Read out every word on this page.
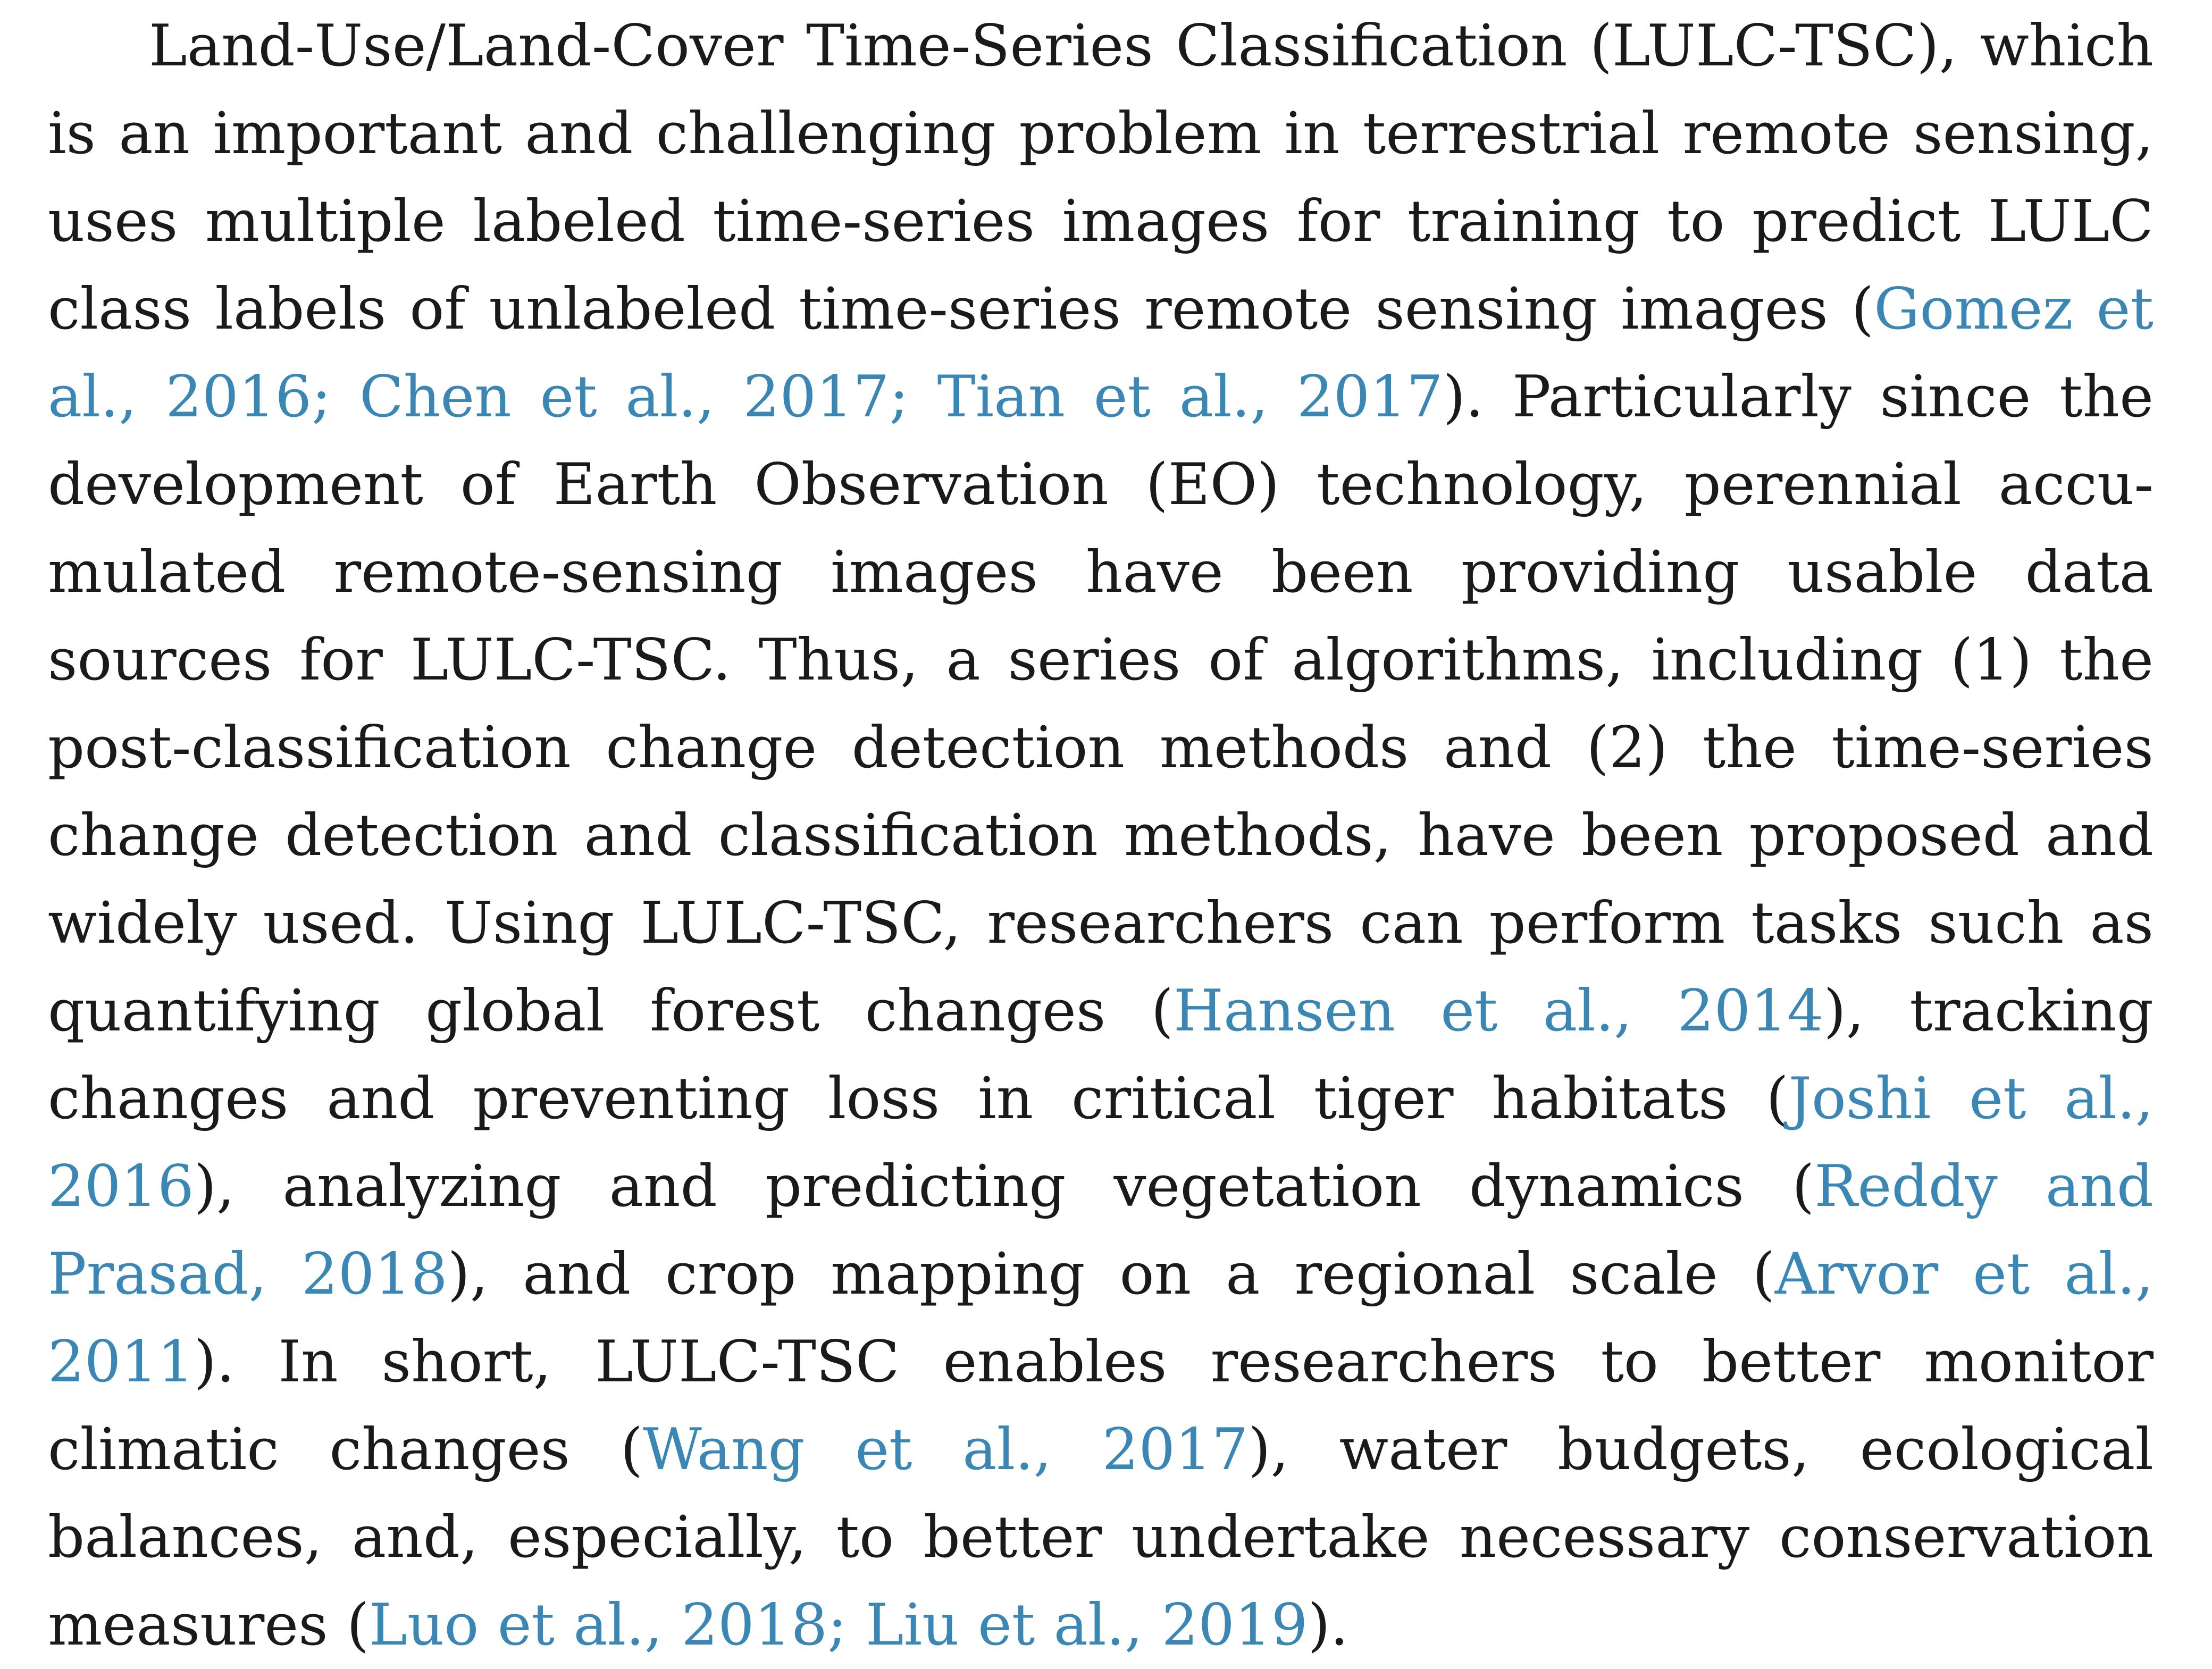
Land-Use/Land-Cover Time-Series Classification (LULC-TSC), which is an important and challenging problem in terrestrial remote sensing, uses multiple labeled time-series images for training to predict LULC class labels of unlabeled time-series remote sensing images (Gomez et al., 2016; Chen et al., 2017; Tian et al., 2017). Particularly since the development of Earth Observation (EO) technology, perennial accumulated remote-sensing images have been providing usable data sources for LULC-TSC. Thus, a series of algorithms, including (1) the post-classification change detection methods and (2) the time-series change detection and classification methods, have been proposed and widely used. Using LULC-TSC, researchers can perform tasks such as quantifying global forest changes (Hansen et al., 2014), tracking changes and preventing loss in critical tiger habitats (Joshi et al., 2016), analyzing and predicting vegetation dynamics (Reddy and Prasad, 2018), and crop mapping on a regional scale (Arvor et al., 2011). In short, LULC-TSC enables researchers to better monitor climatic changes (Wang et al., 2017), water budgets, ecological balances, and, especially, to better undertake necessary conservation measures (Luo et al., 2018; Liu et al., 2019).
